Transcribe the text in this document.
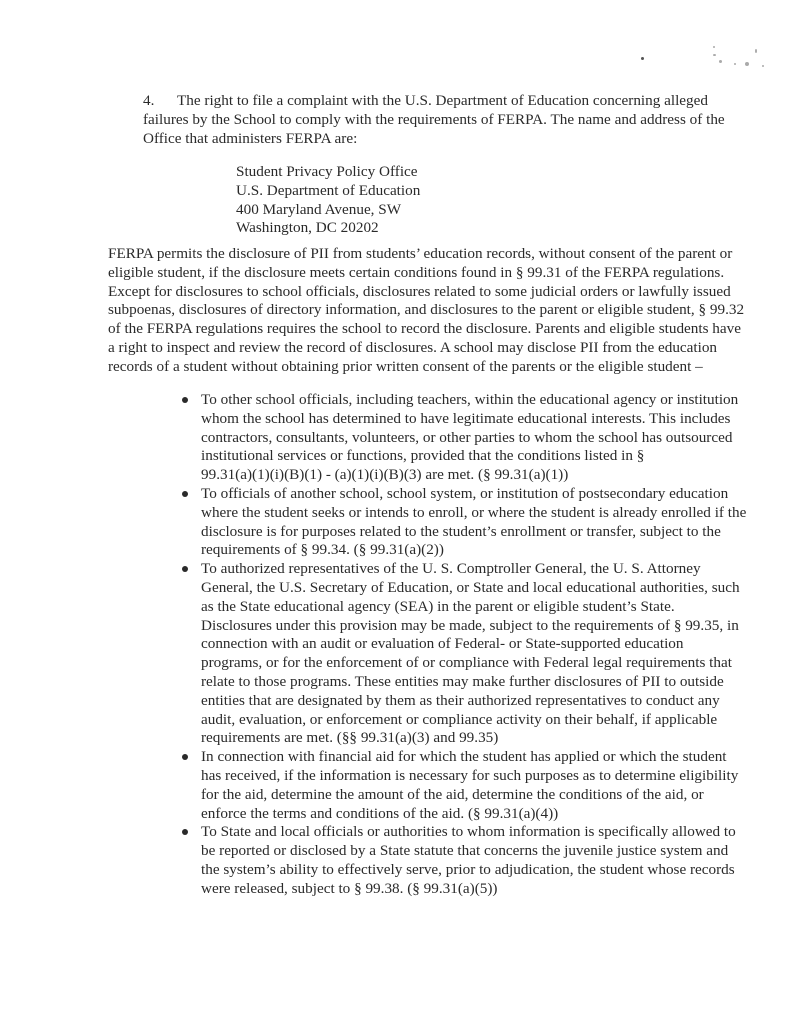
4. The right to file a complaint with the U.S. Department of Education concerning alleged
failures by the School to comply with the requirements of FERPA. The name and address of the
Office that administers FERPA are:
Student Privacy Policy Office
U.S. Department of Education
400 Maryland Avenue, SW
Washington, DC 20202
FERPA permits the disclosure of PII from students’ education records, without consent of the parent or
eligible student, if the disclosure meets certain conditions found in § 99.31 of the FERPA regulations.
Except for disclosures to school officials, disclosures related to some judicial orders or lawfully issued
subpoenas, disclosures of directory information, and disclosures to the parent or eligible student, § 99.32
of the FERPA regulations requires the school to record the disclosure. Parents and eligible students have
a right to inspect and review the record of disclosures. A school may disclose PII from the education
records of a student without obtaining prior written consent of the parents or the eligible student –
To other school officials, including teachers, within the educational agency or institution
whom the school has determined to have legitimate educational interests. This includes
contractors, consultants, volunteers, or other parties to whom the school has outsourced
institutional services or functions, provided that the conditions listed in §
99.31(a)(1)(i)(B)(1) - (a)(1)(i)(B)(3) are met. (§ 99.31(a)(1))
To officials of another school, school system, or institution of postsecondary education
where the student seeks or intends to enroll, or where the student is already enrolled if the
disclosure is for purposes related to the student’s enrollment or transfer, subject to the
requirements of § 99.34. (§ 99.31(a)(2))
To authorized representatives of the U. S. Comptroller General, the U. S. Attorney
General, the U.S. Secretary of Education, or State and local educational authorities, such
as the State educational agency (SEA) in the parent or eligible student’s State.
Disclosures under this provision may be made, subject to the requirements of § 99.35, in
connection with an audit or evaluation of Federal- or State-supported education
programs, or for the enforcement of or compliance with Federal legal requirements that
relate to those programs. These entities may make further disclosures of PII to outside
entities that are designated by them as their authorized representatives to conduct any
audit, evaluation, or enforcement or compliance activity on their behalf, if applicable
requirements are met. (§§ 99.31(a)(3) and 99.35)
In connection with financial aid for which the student has applied or which the student
has received, if the information is necessary for such purposes as to determine eligibility
for the aid, determine the amount of the aid, determine the conditions of the aid, or
enforce the terms and conditions of the aid. (§ 99.31(a)(4))
To State and local officials or authorities to whom information is specifically allowed to
be reported or disclosed by a State statute that concerns the juvenile justice system and
the system’s ability to effectively serve, prior to adjudication, the student whose records
were released, subject to § 99.38. (§ 99.31(a)(5))
